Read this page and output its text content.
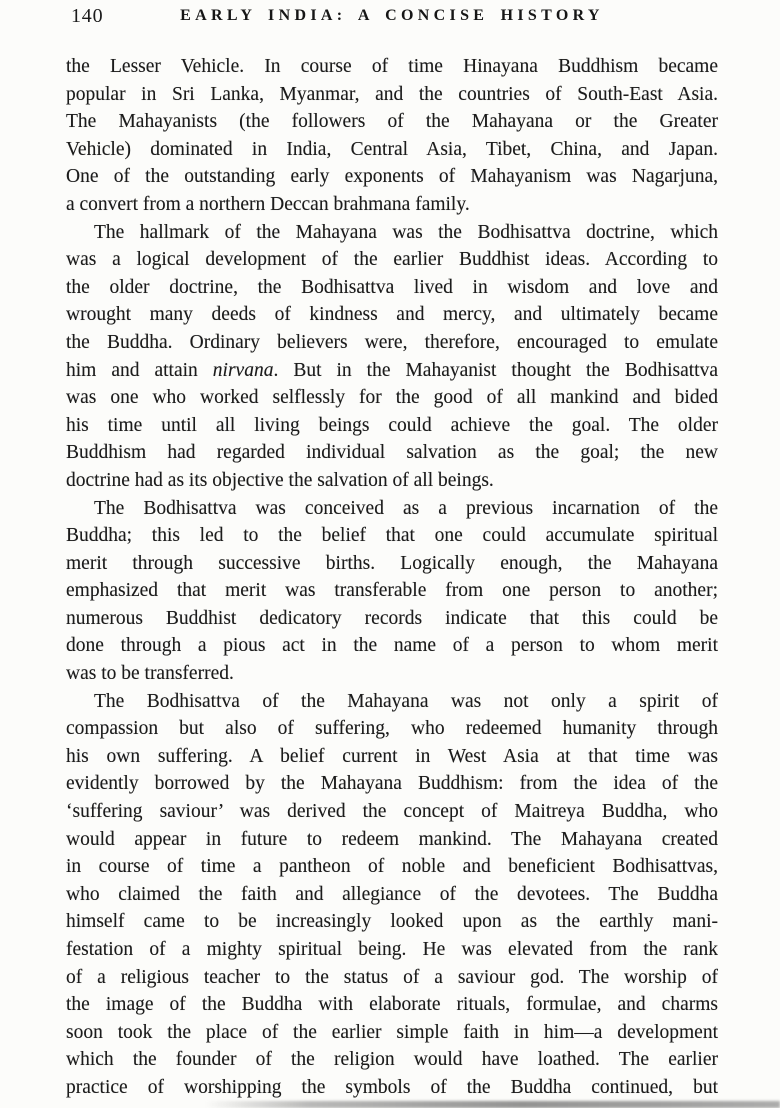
140	EARLY INDIA: A CONCISE HISTORY
the Lesser Vehicle. In course of time Hinayana Buddhism became
popular in Sri Lanka, Myanmar, and the countries of South-East Asia.
The Mahayanists (the followers of the Mahayana or the Greater
Vehicle) dominated in India, Central Asia, Tibet, China, and Japan.
One of the outstanding early exponents of Mahayanism was Nagarjuna,
a convert from a northern Deccan brahmana family.
The hallmark of the Mahayana was the Bodhisattva doctrine, which
was a logical development of the earlier Buddhist ideas. According to
the older doctrine, the Bodhisattva lived in wisdom and love and
wrought many deeds of kindness and mercy, and ultimately became
the Buddha. Ordinary believers were, therefore, encouraged to emulate
him and attain nirvana. But in the Mahayanist thought the Bodhisattva
was one who worked selflessly for the good of all mankind and bided
his time until all living beings could achieve the goal. The older
Buddhism had regarded individual salvation as the goal; the new
doctrine had as its objective the salvation of all beings.
The Bodhisattva was conceived as a previous incarnation of the
Buddha; this led to the belief that one could accumulate spiritual
merit through successive births. Logically enough, the Mahayana
emphasized that merit was transferable from one person to another;
numerous Buddhist dedicatory records indicate that this could be
done through a pious act in the name of a person to whom merit
was to be transferred.
The Bodhisattva of the Mahayana was not only a spirit of
compassion but also of suffering, who redeemed humanity through
his own suffering. A belief current in West Asia at that time was
evidently borrowed by the Mahayana Buddhism: from the idea of the
‘suffering saviour’ was derived the concept of Maitreya Buddha, who
would appear in future to redeem mankind. The Mahayana created
in course of time a pantheon of noble and beneficient Bodhisattvas,
who claimed the faith and allegiance of the devotees. The Buddha
himself came to be increasingly looked upon as the earthly mani-
festation of a mighty spiritual being. He was elevated from the rank
of a religious teacher to the status of a saviour god. The worship of
the image of the Buddha with elaborate rituals, formulae, and charms
soon took the place of the earlier simple faith in him—a development
which the founder of the religion would have loathed. The earlier
practice of worshipping the symbols of the Buddha continued, but
